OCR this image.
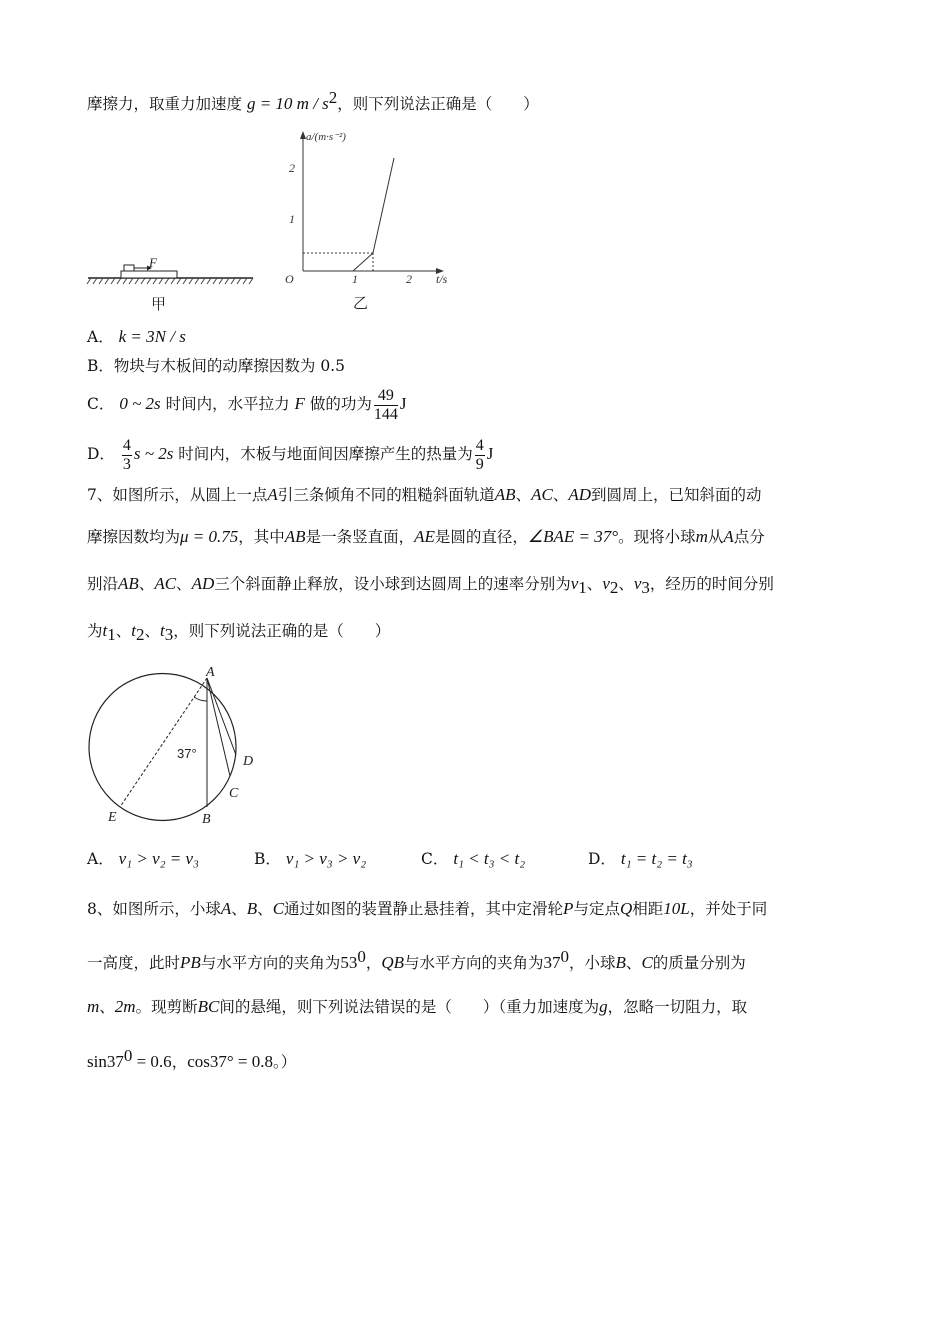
摩擦力，取重力加速度 g = 10 m / $s^2$，则下列说法正确是（　　）
F
甲
a/(m·s⁻²)
t/s
O
2
1
1	2
乙
A． k = 3N / s
B．物块与木板间的动摩擦因数为 0.5
C． 0 ~ 2s 时间内，水平拉力 F 做的功为 $\frac{49}{144}$ J
D． $\frac{4}{3}$ s ~ 2s 时间内，木板与地面间因摩擦产生的热量为 $\frac{4}{9}$ J
7、如图所示，从圆上一点A引三条倾角不同的粗糙斜面轨道AB、AC、AD到圆周上，已知斜面的动
摩擦因数均为μ = 0.75，其中AB是一条竖直面，AE是圆的直径，∠BAE = 37°。现将小球m从A点分
别沿AB、AC、AD三个斜面静止释放，设小球到达圆周上的速率分别为$v_1$、$v_2$、$v_3$，经历的时间分别
为$t_1$、$t_2$、$t_3$，则下列说法正确的是（　　）
A
B
C
D
E
37°
A． v₁ > v₂ = v₃	B． v₁ > v₃ > v₂	C． t₁ < t₃ < t₂	D． t₁ = t₂ = t₃
8、如图所示，小球A、B、C通过如图的装置静止悬挂着，其中定滑轮P与定点Q相距10L，并处于同
一高度，此时PB与水平方向的夹角为$53^0$，QB与水平方向的夹角为$37^0$，小球B、C的质量分别为
m、2m。现剪断BC间的悬绳，则下列说法错误的是（　　）（重力加速度为g，忽略一切阻力，取
$\sin 37^0 = 0.6$，cos37° = 0.8。）
